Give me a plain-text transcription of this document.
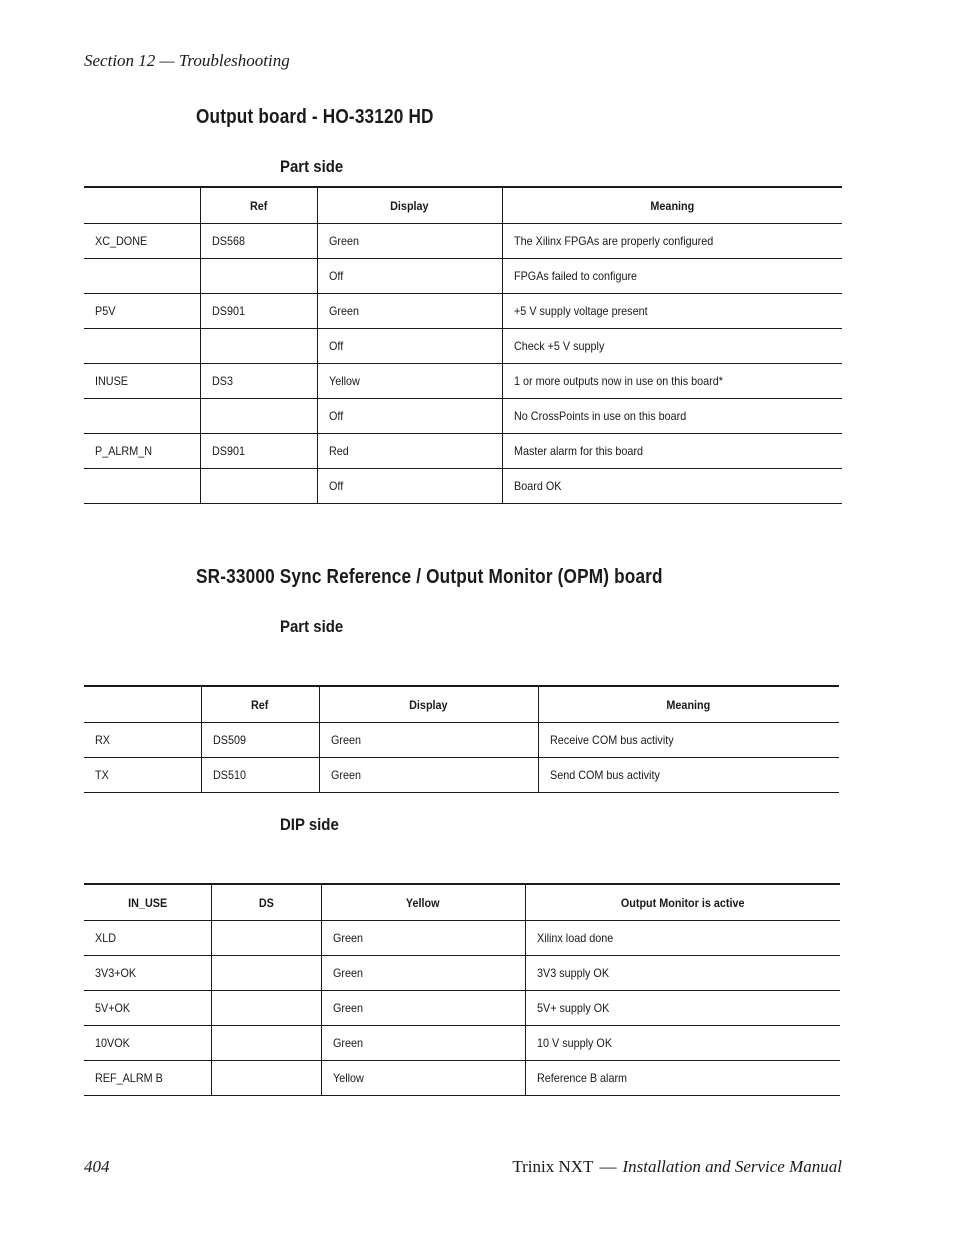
Section 12 — Troubleshooting
Output board - HO-33120 HD
Part side
	Ref	Display	Meaning
XC_DONE	DS568	Green	The Xilinx FPGAs are properly configured
		Off	FPGAs failed to configure
P5V	DS901	Green	+5 V supply voltage present
		Off	Check +5 V supply
INUSE	DS3	Yellow	1 or more outputs now in use on this board*
		Off	No CrossPoints in use on this board
P_ALRM_N	DS901	Red	Master alarm for this board
		Off	Board OK
SR-33000 Sync Reference / Output Monitor (OPM) board
Part side
	Ref	Display	Meaning
RX	DS509	Green	Receive COM bus activity
TX	DS510	Green	Send COM bus activity
DIP side
IN_USE	DS	Yellow	Output Monitor is active
XLD		Green	Xilinx load done
3V3+OK		Green	3V3 supply OK
5V+OK		Green	5V+ supply OK
10VOK		Green	10 V supply OK
REF_ALRM B		Yellow	Reference B alarm
404	Trinix NXT — Installation and Service Manual
